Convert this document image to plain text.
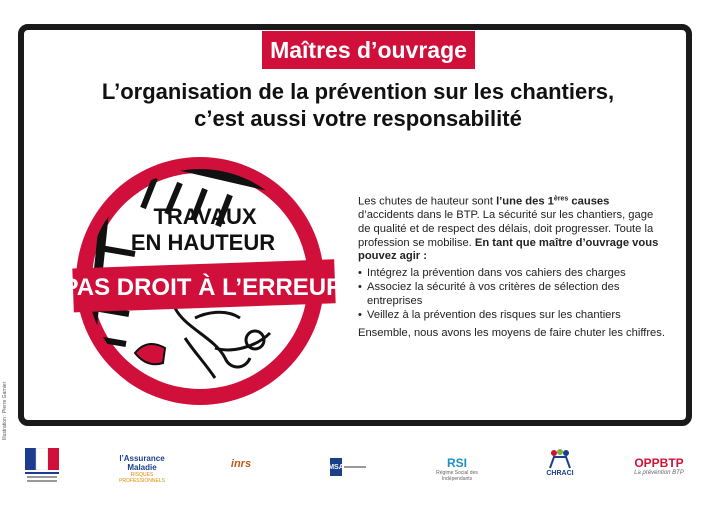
Maîtres d’ouvrage
L’organisation de la prévention sur les chantiers,
c’est aussi votre responsabilité
TRAVAUX
EN HAUTEUR
PAS DROIT À L’ERREUR

Les chutes de hauteur sont l’une des 1ères causes
d’accidents dans le BTP. La sécurité sur les chantiers, gage de qualité et de respect des délais, doit progresser. Toute la profession se mobilise. En tant que maître d’ouvrage vous pouvez agir :

• Intégrez la prévention dans vos cahiers des charges
• Associez la sécurité à vos critères de sélection des entreprises
• Veillez à la prévention des risques sur les chantiers

Ensemble, nous avons les moyens de faire chuter les chiffres.

Illustration : Pierre Garnier
l’Assurance Maladie
RISQUES PROFESSIONNELS
inrs	MSA	RSI
Régime Social des Indépendants
CHRACI
OPPBTP
La prévention BTP
